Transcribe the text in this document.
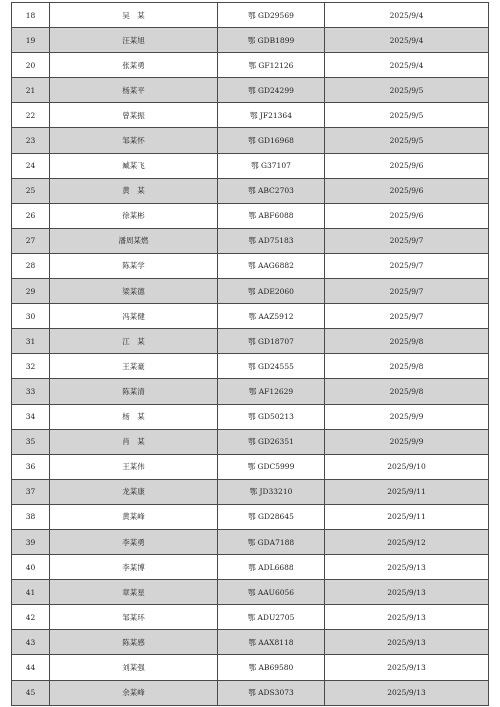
18	吴　某	鄂 GD29569	2025/9/4
19	汪某旭	鄂 GDB1899	2025/9/4
20	张某勇	鄂 GF12126	2025/9/4
21	杨某平	鄂 GD24299	2025/9/5
22	曾某振	鄂 JF21364	2025/9/5
23	邹某怀	鄂 GD16968	2025/9/5
24	臧某飞	鄂 G37107	2025/9/6
25	黄　某	鄂 ABC2703	2025/9/6
26	徐某彬	鄂 ABF6088	2025/9/6
27	潘周某燃	鄂 AD75183	2025/9/7
28	陈某学	鄂 AAG6882	2025/9/7
29	梁某德	鄂 ADE2060	2025/9/7
30	冯某健	鄂 AAZ5912	2025/9/7
31	江　某	鄂 GD18707	2025/9/8
32	王某豪	鄂 GD24555	2025/9/8
33	陈某清	鄂 AF12629	2025/9/8
34	杨　某	鄂 GD50213	2025/9/9
35	肖　某	鄂 GD26351	2025/9/9
36	王某伟	鄂 GDC5999	2025/9/10
37	龙某康	鄂 JD33210	2025/9/11
38	黄某峰	鄂 GD28645	2025/9/11
39	李某勇	鄂 GDA7188	2025/9/12
40	李某博	鄂 ADL6688	2025/9/13
41	章某星	鄂 AAU6056	2025/9/13
42	邹某环	鄂 ADU2705	2025/9/13
43	陈某感	鄂 AAX8118	2025/9/13
44	刘某强	鄂 AB69580	2025/9/13
45	余某峰	鄂 ADS3073	2025/9/13
